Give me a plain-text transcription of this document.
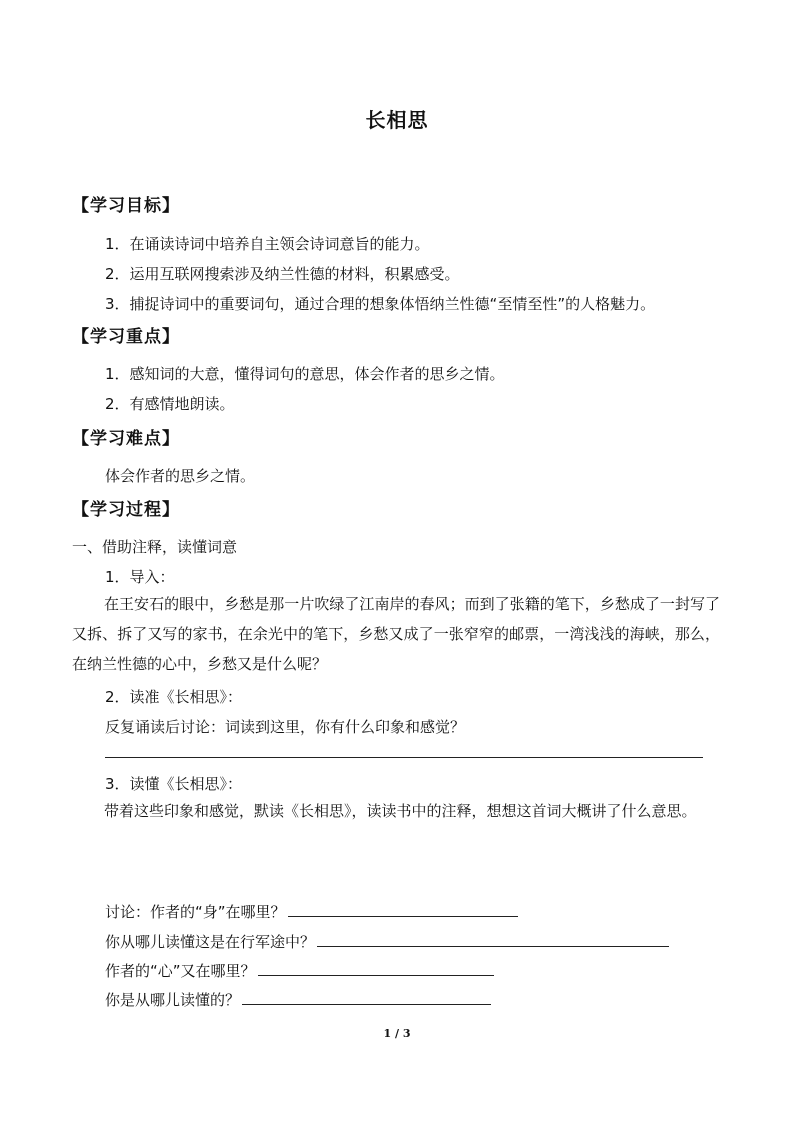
长相思
【学习目标】
1．在诵读诗词中培养自主领会诗词意旨的能力。
2．运用互联网搜索涉及纳兰性德的材料，积累感受。
3．捕捉诗词中的重要词句，通过合理的想象体悟纳兰性德“至情至性”的人格魅力。
【学习重点】
1．感知词的大意，懂得词句的意思，体会作者的思乡之情。
2．有感情地朗读。
【学习难点】
体会作者的思乡之情。
【学习过程】
一、借助注释，读懂词意
1．导入：
在王安石的眼中，乡愁是那一片吹绿了江南岸的春风；而到了张籍的笔下，乡愁成了一封写了又拆、拆了又写的家书，在余光中的笔下，乡愁又成了一张窄窄的邮票，一湾浅浅的海峡，那么，在纳兰性德的心中，乡愁又是什么呢？
2．读准《长相思》：
反复诵读后讨论：词读到这里，你有什么印象和感觉？
3．读懂《长相思》：
带着这些印象和感觉，默读《长相思》，读读书中的注释，想想这首词大概讲了什么意思。
讨论：作者的“身”在哪里？
你从哪儿读懂这是在行军途中？
作者的“心”又在哪里？
你是从哪儿读懂的？
1 / 3
